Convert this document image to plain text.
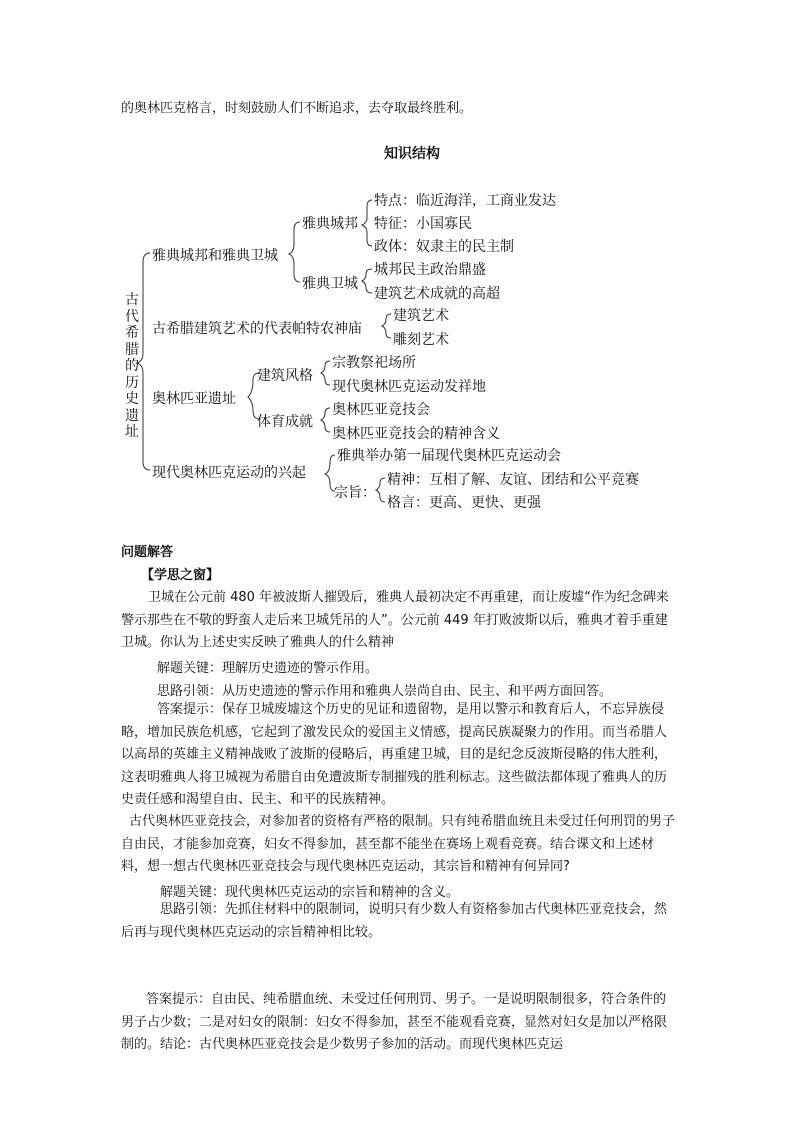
的奥林匹克格言，时刻鼓励人们不断追求，去夺取最终胜利。
知识结构
古代希腊的历史遗址
雅典城邦和雅典卫城
雅典城邦
特点：临近海洋，工商业发达
特征：小国寡民
政体：奴隶主的民主制
雅典卫城
城邦民主政治鼎盛
建筑艺术成就的高超
古希腊建筑艺术的代表帕特农神庙
建筑艺术
雕刻艺术
奥林匹亚遗址
建筑风格
宗教祭祀场所
现代奥林匹克运动发祥地
体育成就
奥林匹亚竞技会
奥林匹亚竞技会的精神含义
现代奥林匹克运动的兴起
雅典举办第一届现代奥林匹克运动会
宗旨：
精神：互相了解、友谊、团结和公平竞赛
格言：更高、更快、更强
问题解答
【学思之窗】
卫城在公元前 480 年被波斯人摧毁后，雅典人最初决定不再重建，而让废墟“作为纪念碑来警示那些在不敬的野蛮人走后来卫城凭吊的人”。公元前 449 年打败波斯以后，雅典才着手重建卫城。你认为上述史实反映了雅典人的什么精神
解题关键：理解历史遗迹的警示作用。
思路引领：从历史遗迹的警示作用和雅典人崇尚自由、民主、和平两方面回答。
答案提示：保存卫城废墟这个历史的见证和遗留物，是用以警示和教育后人，不忘异族侵略，增加民族危机感，它起到了激发民众的爱国主义情感，提高民族凝聚力的作用。而当希腊人以高昂的英雄主义精神战败了波斯的侵略后，再重建卫城，目的是纪念反波斯侵略的伟大胜利，这表明雅典人将卫城视为希腊自由免遭波斯专制摧残的胜利标志。这些做法都体现了雅典人的历史责任感和渴望自由、民主、和平的民族精神。
古代奥林匹亚竞技会，对参加者的资格有严格的限制。只有纯希腊血统且未受过任何刑罚的男子自由民，才能参加竞赛，妇女不得参加，甚至都不能坐在赛场上观看竞赛。结合课文和上述材料，想一想古代奥林匹亚竞技会与现代奥林匹克运动，其宗旨和精神有何异同?
解题关键：现代奥林匹克运动的宗旨和精神的含义。
思路引领：先抓住材料中的限制词，说明只有少数人有资格参加古代奥林匹亚竞技会，然后再与现代奥林匹克运动的宗旨精神相比较。
答案提示：自由民、纯希腊血统、未受过任何刑罚、男子。一是说明限制很多，符合条件的男子占少数；二是对妇女的限制：妇女不得参加，甚至不能观看竞赛，显然对妇女是加以严格限制的。结论：古代奥林匹亚竞技会是少数男子参加的活动。而现代奥林匹克运
